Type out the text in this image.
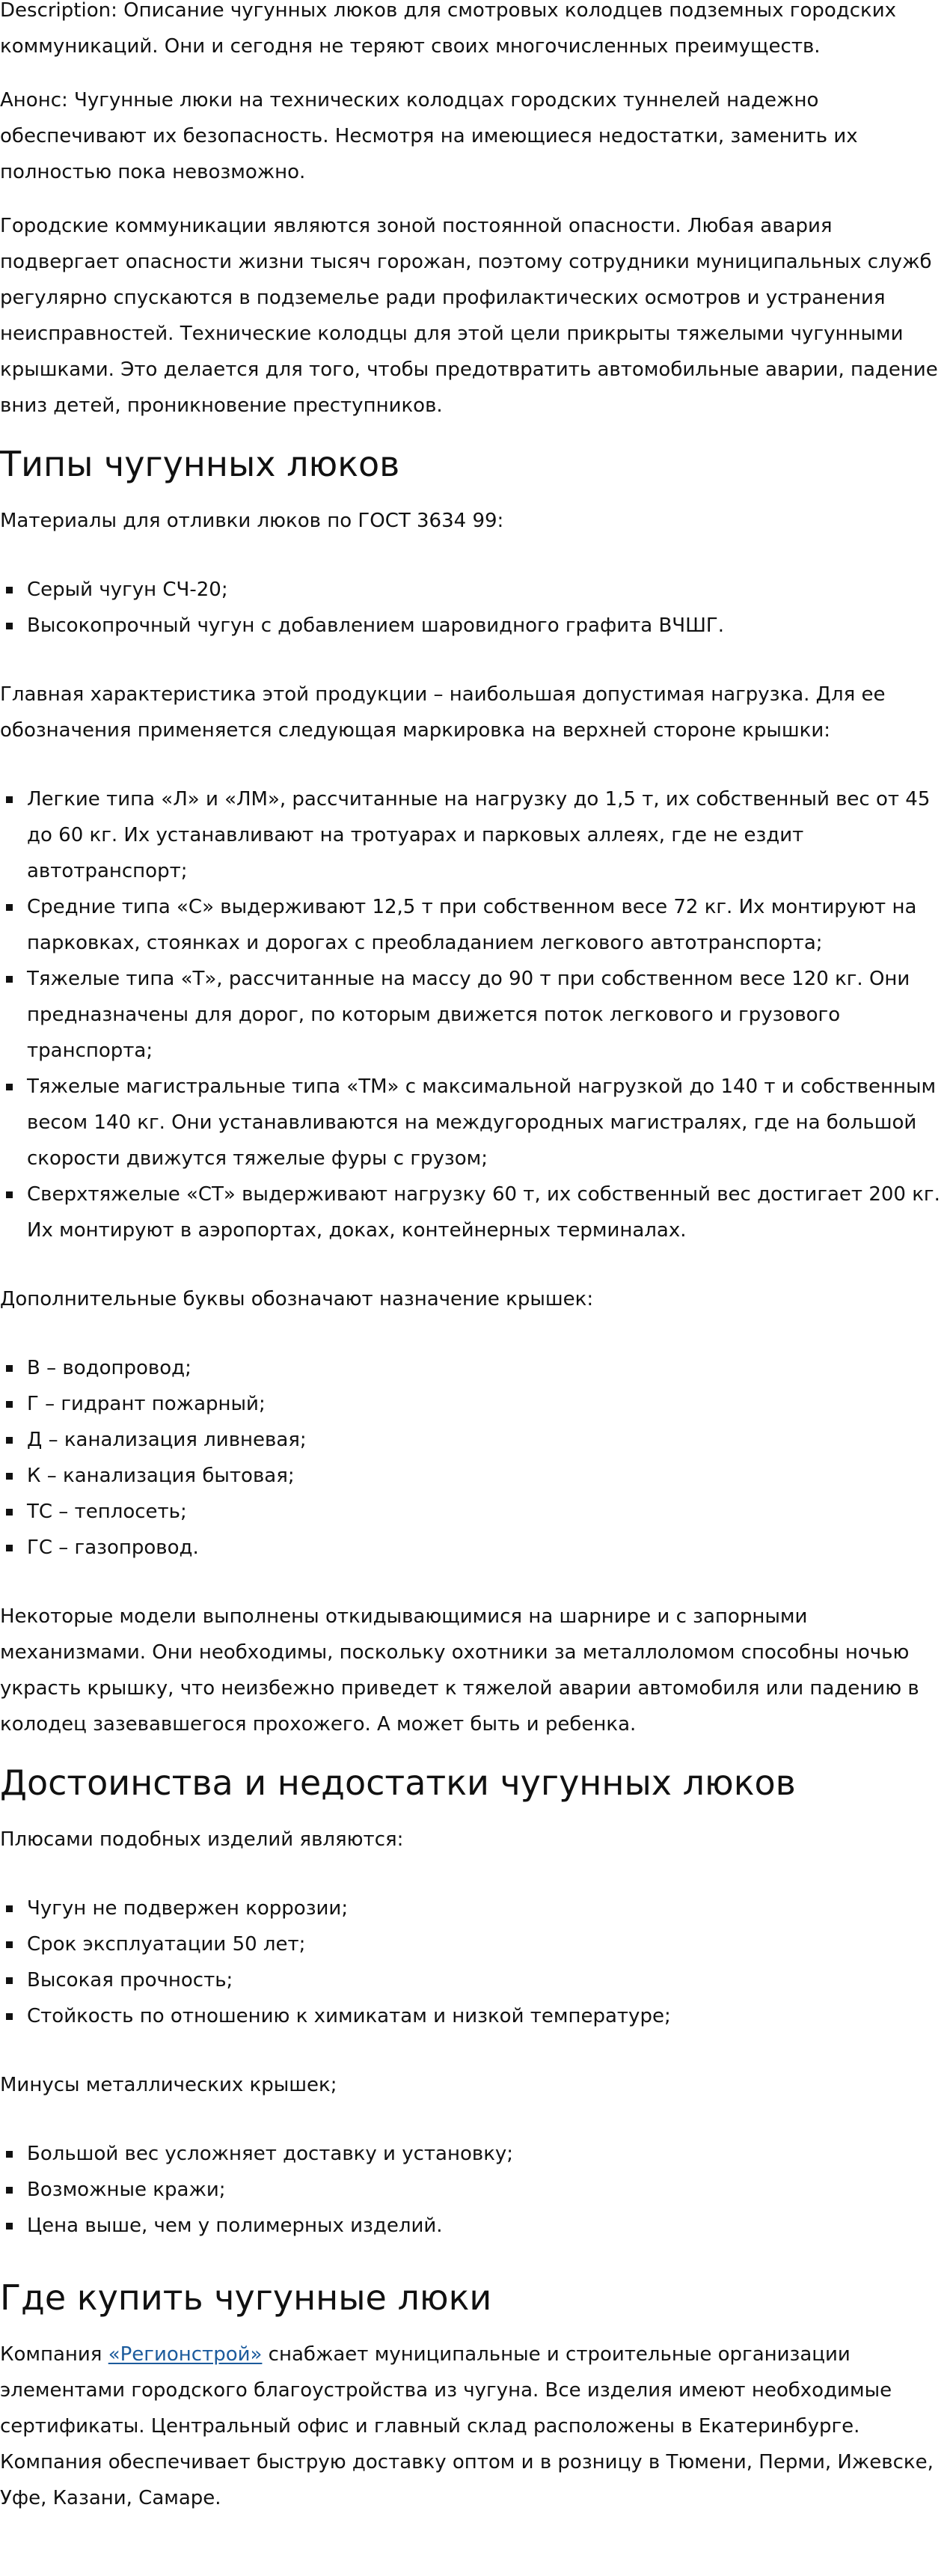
Description: Описание чугунных люков для смотровых колодцев подземных городских коммуникаций. Они и сегодня не теряют своих многочисленных преимуществ.

Анонс: Чугунные люки на технических колодцах городских туннелей надежно обеспечивают их безопасность. Несмотря на имеющиеся недостатки, заменить их полностью пока невозможно.

Городские коммуникации являются зоной постоянной опасности. Любая авария подвергает опасности жизни тысяч горожан, поэтому сотрудники муниципальных служб регулярно спускаются в подземелье ради профилактических осмотров и устранения неисправностей. Технические колодцы для этой цели прикрыты тяжелыми чугунными крышками. Это делается для того, чтобы предотвратить автомобильные аварии, падение вниз детей, проникновение преступников.

Типы чугунных люков

Материалы для отливки люков по ГОСТ 3634 99:

Серый чугун СЧ-20;
Высокопрочный чугун с добавлением шаровидного графита ВЧШГ.

Главная характеристика этой продукции – наибольшая допустимая нагрузка. Для ее обозначения применяется следующая маркировка на верхней стороне крышки:

Легкие типа «Л» и «ЛМ», рассчитанные на нагрузку до 1,5 т, их собственный вес от 45 до 60 кг. Их устанавливают на тротуарах и парковых аллеях, где не ездит автотранспорт;
Средние типа «С» выдерживают 12,5 т при собственном весе 72 кг. Их монтируют на парковках, стоянках и дорогах с преобладанием легкового автотранспорта;
Тяжелые типа «Т», рассчитанные на массу до 90 т при собственном весе 120 кг. Они предназначены для дорог, по которым движется поток легкового и грузового транспорта;
Тяжелые магистральные типа «ТМ» с максимальной нагрузкой до 140 т и собственным весом 140 кг. Они устанавливаются на междугородных магистралях, где на большой скорости движутся тяжелые фуры с грузом;
Сверхтяжелые «СТ» выдерживают нагрузку 60 т, их собственный вес достигает 200 кг. Их монтируют в аэропортах, доках, контейнерных терминалах.

Дополнительные буквы обозначают назначение крышек:

В – водопровод;
Г – гидрант пожарный;
Д – канализация ливневая;
К – канализация бытовая;
ТС – теплосеть;
ГС – газопровод.

Некоторые модели выполнены откидывающимися на шарнире и с запорными механизмами. Они необходимы, поскольку охотники за металлоломом способны ночью украсть крышку, что неизбежно приведет к тяжелой аварии автомобиля или падению в колодец зазевавшегося прохожего. А может быть и ребенка.

Достоинства и недостатки чугунных люков

Плюсами подобных изделий являются:

Чугун не подвержен коррозии;
Срок эксплуатации 50 лет;
Высокая прочность;
Стойкость по отношению к химикатам и низкой температуре;

Минусы металлических крышек;

Большой вес усложняет доставку и установку;
Возможные кражи;
Цена выше, чем у полимерных изделий.
Где купить чугунные люки

Компания «Регионстрой» снабжает муниципальные и строительные организации элементами городского благоустройства из чугуна. Все изделия имеют необходимые сертификаты. Центральный офис и главный склад расположены в Екатеринбурге. Компания обеспечивает быструю доставку оптом и в розницу в Тюмени, Перми, Ижевске, Уфе, Казани, Самаре.
